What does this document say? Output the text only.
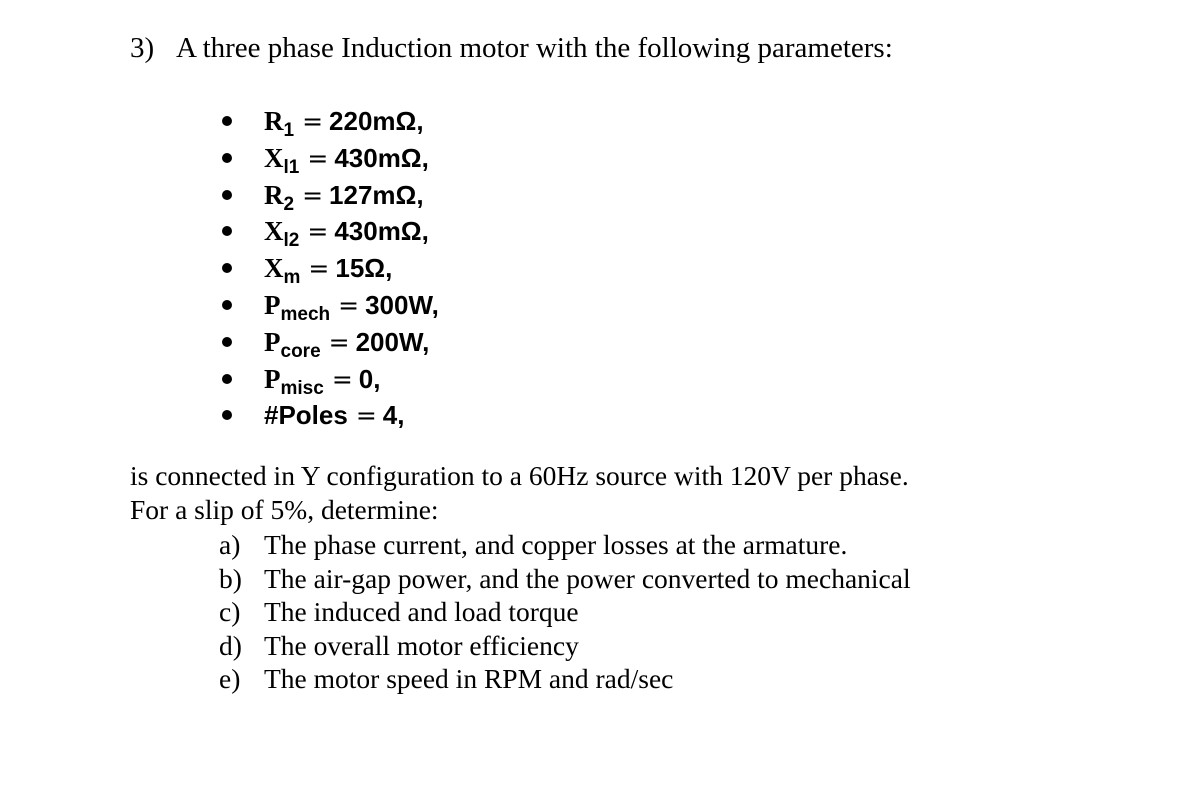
3) A three phase Induction motor with the following parameters:
$R_1 = 220m\Omega$,
$X_{l1} = 430m\Omega$,
$R_2 = 127m\Omega$,
$X_{l2} = 430m\Omega$,
$X_m = 15\Omega$,
$P_{mech} = 300W$,
$P_{core} = 200W$,
$P_{misc} = 0$,
#Poles = 4,
is connected in Y configuration to a 60Hz source with 120V per phase.
For a slip of 5%, determine:
a) The phase current, and copper losses at the armature.
b) The air-gap power, and the power converted to mechanical
c) The induced and load torque
d) The overall motor efficiency
e) The motor speed in RPM and rad/sec
